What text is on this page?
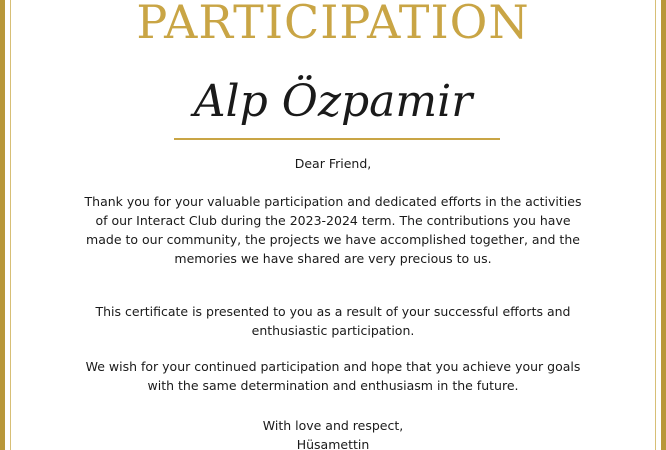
PARTICIPATION
Alp Özpamir
Dear Friend,
Thank you for your valuable participation and dedicated efforts in the activities of our Interact Club during the 2023-2024 term. The contributions you have made to our community, the projects we have accomplished together, and the memories we have shared are very precious to us.
This certificate is presented to you as a result of your successful efforts and enthusiastic participation.
We wish for your continued participation and hope that you achieve your goals with the same determination and enthusiasm in the future.
With love and respect,
Hüsamettin
